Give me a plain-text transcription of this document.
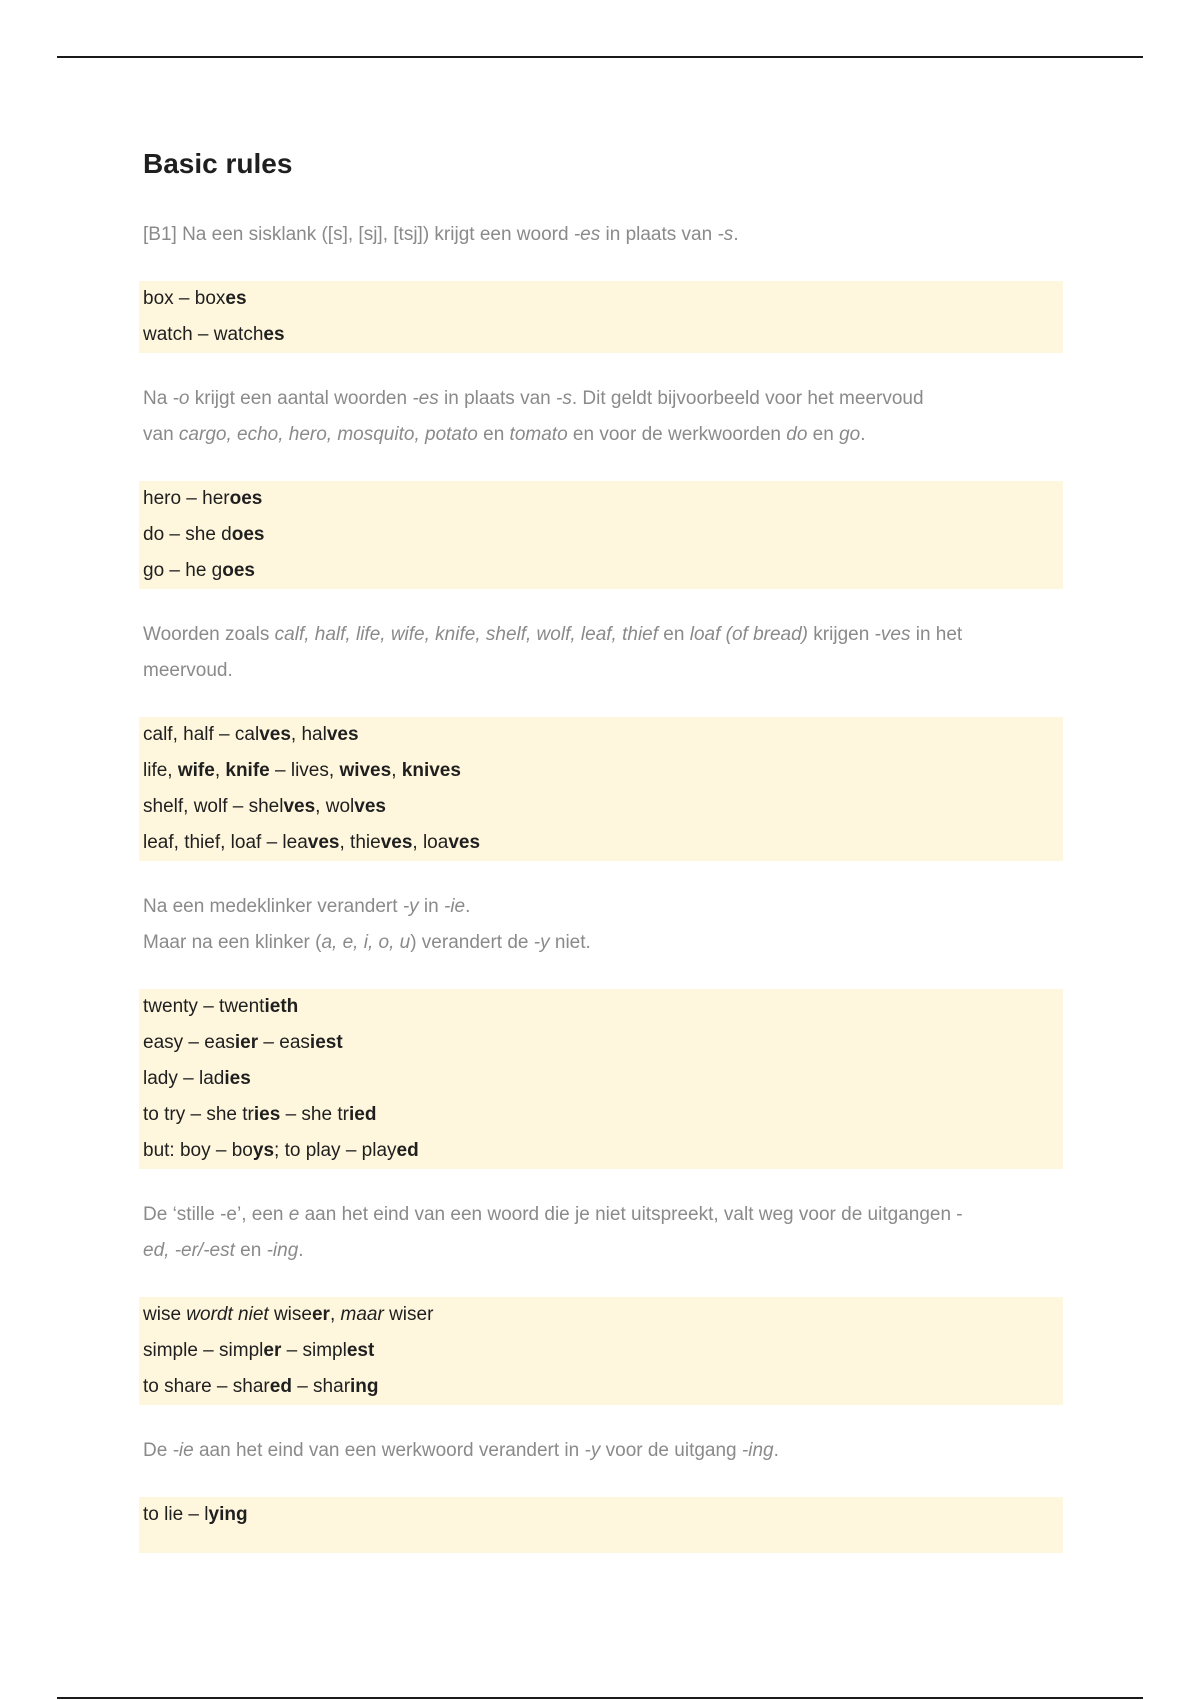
Basic rules
[B1] Na een sisklank ([s], [sj], [tsj]) krijgt een woord -es in plaats van -s.
box – boxes
watch – watches
Na -o krijgt een aantal woorden -es in plaats van -s. Dit geldt bijvoorbeeld voor het meervoud
van cargo, echo, hero, mosquito, potato en tomato en voor de werkwoorden do en go.
hero – heroes
do – she does
go – he goes
Woorden zoals calf, half, life, wife, knife, shelf, wolf, leaf, thief en loaf (of bread) krijgen -ves in het
meervoud.
calf, half – calves, halves
life, wife, knife – lives, wives, knives
shelf, wolf – shelves, wolves
leaf, thief, loaf – leaves, thieves, loaves
Na een medeklinker verandert -y in -ie.
Maar na een klinker (a, e, i, o, u) verandert de -y niet.
twenty – twentieth
easy – easier – easiest
lady – ladies
to try – she tries – she tried
but: boy – boys; to play – played
De ‘stille -e’, een e aan het eind van een woord die je niet uitspreekt, valt weg voor de uitgangen -
ed, -er/-est en -ing.
wise wordt niet wiseer, maar wiser
simple – simpler – simplest
to share – shared – sharing
De -ie aan het eind van een werkwoord verandert in -y voor de uitgang -ing.
to lie – lying
